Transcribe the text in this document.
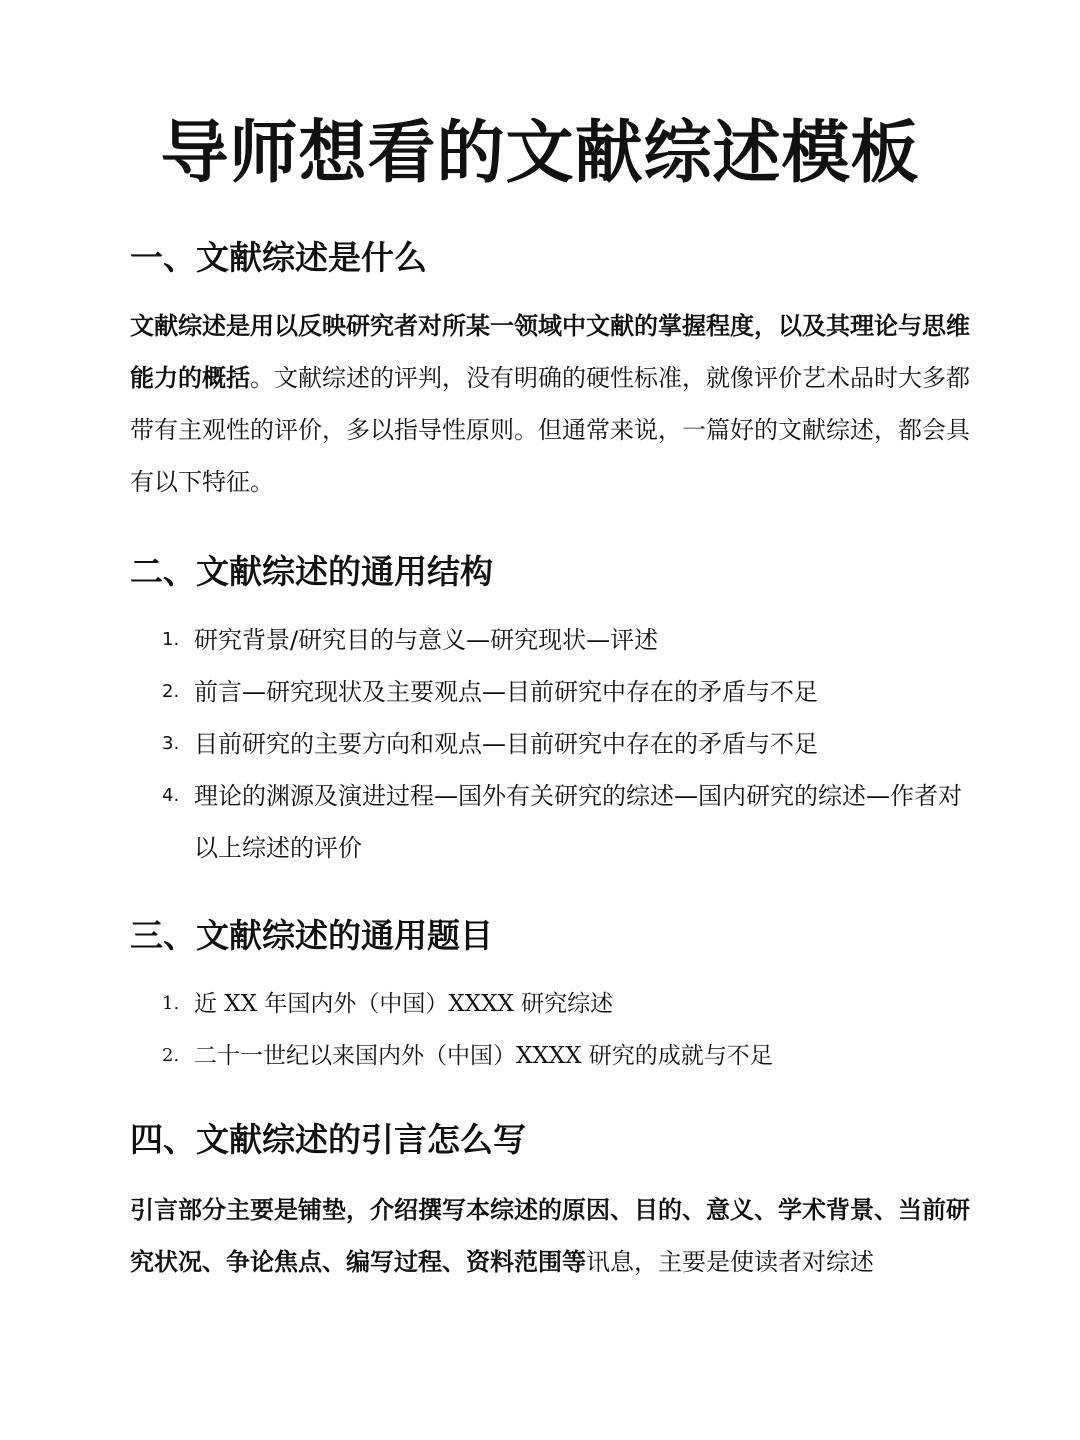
导师想看的文献综述模板
一、文献综述是什么

文献综述是用以反映研究者对所某一领域中文献的掌握程度，以及其理论与思维能力的概括。文献综述的评判，没有明确的硬性标准，就像评价艺术品时大多都带有主观性的评价，多以指导性原则。但通常来说，一篇好的文献综述，都会具有以下特征。

二、文献综述的通用结构
1. 研究背景/研究目的与意义—研究现状—评述
2. 前言—研究现状及主要观点—目前研究中存在的矛盾与不足
3. 目前研究的主要方向和观点—目前研究中存在的矛盾与不足
4. 理论的渊源及演进过程—国外有关研究的综述—国内研究的综述—作者对以上综述的评价
三、文献综述的通用题目
1. 近 XX 年国内外（中国）XXXX 研究综述
2. 二十一世纪以来国内外（中国）XXXX 研究的成就与不足
四、文献综述的引言怎么写

引言部分主要是铺垫，介绍撰写本综述的原因、目的、意义、学术背景、当前研究状况、争论焦点、编写过程、资料范围等讯息，主要是使读者对综述
